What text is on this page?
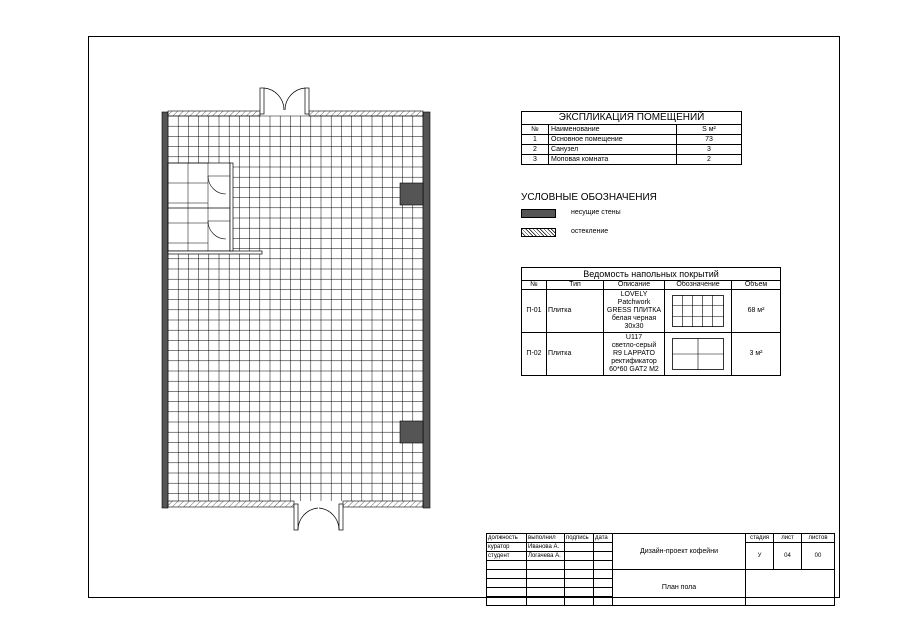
ЭКСПЛИКАЦИЯ ПОМЕЩЕНИЙ		
№	Наименование	S м²
1	Основное помещение	73
2	Санузел	3
3	Моповая комната	2
УСЛОВНЫЕ ОБОЗНАЧЕНИЯ
несущие стены
остекление
Ведомость напольных покрытий				
№	Тип	Описание	Обозначение	Объем
П-01	Плитка	LOVELY
Patchwork
GRESS ПЛИТКА
белая черная
30x30		68 м²
П-02	Плитка	U117
светло-серый
R9 LAPPATO
ректификатор
60*60 GAT2 M2		3 м²
должность	выполнил	подпись	дата	Дизайн-проект кофейни	стадия	лист	листов
куратор	Иванова А.				У	04	00
студент	Логачева А.						

				План пола			
